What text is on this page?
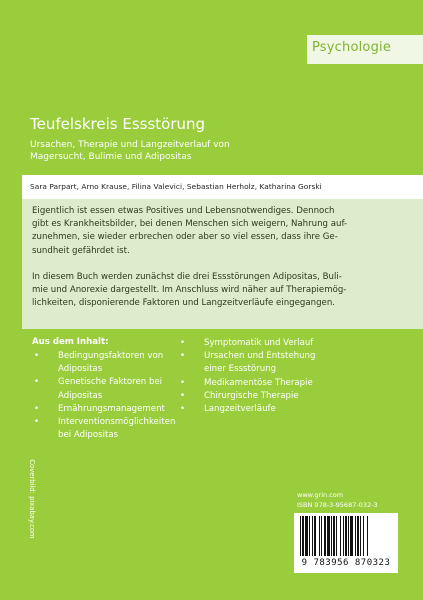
Psychologie
Teufelskreis Essstörung
Ursachen, Therapie und Langzeitverlauf von
Magersucht, Bulimie und Adipositas
Sara Parpart, Arno Krause, Filina Valevici, Sebastian Herholz, Katharina Gorski
Eigentlich ist essen etwas Positives und Lebensnotwendiges. Dennoch
gibt es Krankheitsbilder, bei denen Menschen sich weigern, Nahrung auf-
zunehmen, sie wieder erbrechen oder aber so viel essen, dass ihre Ge-
sundheit gefährdet ist.
In diesem Buch werden zunächst die drei Essstörungen Adipositas, Buli-
mie und Anorexie dargestellt. Im Anschluss wird näher auf Therapiemög-
lichkeiten, disponierende Faktoren und Langzeitverläufe eingegangen.
Aus dem Inhalt:
• Bedingungsfaktoren von
Adipositas
• Genetische Faktoren bei
Adipositas
• Ernährungsmanagement
• Interventionsmöglichkeiten
bei Adipositas
• Symptomatik und Verlauf
• Ursachen und Entstehung
einer Essstörung
• Medikamentöse Therapie
• Chirurgische Therapie
• Langzeitverläufe
Coverbild: pixabay.com	www.grin.com
ISBN 978-3-95687-032-3
9 783956 870323
